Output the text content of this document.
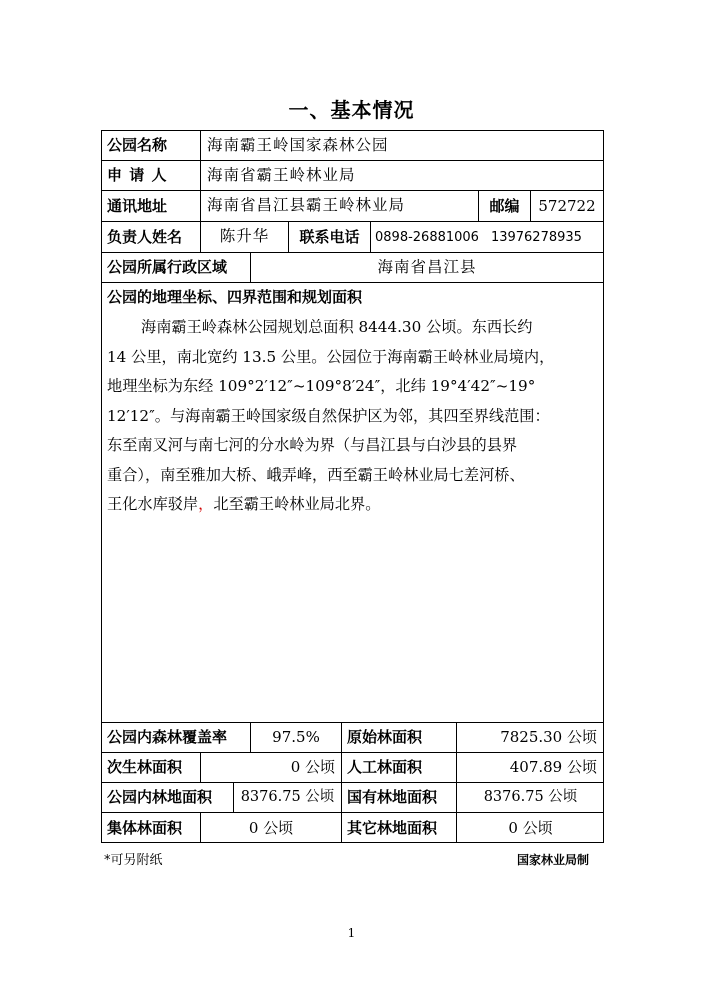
一、基本情况
公园名称	海南霸王岭国家森林公园
申 请 人	海南省霸王岭林业局
通讯地址	海南省昌江县霸王岭林业局	邮编	572722
负责人姓名	陈升华	联系电话	0898-26881006 13976278935
公园所属行政区域	海南省昌江县
公园的地理坐标、四界范围和规划面积

海南霸王岭森林公园规划总面积 8444.30 公顷。东西长约

14 公里，南北宽约 13.5 公里。公园位于海南霸王岭林业局境内，

地理坐标为东经 109°2′12″~109°8′24″，北纬 19°4′42″~19°

12′12″。与海南霸王岭国家级自然保护区为邻，其四至界线范围：

东至南叉河与南七河的分水岭为界（与昌江县与白沙县的县界

重合），南至雅加大桥、峨弄峰，西至霸王岭林业局七差河桥、

王化水库驳岸，北至霸王岭林业局北界。

公园内森林覆盖率	97.5%	原始林面积	7825.30 公顷
次生林面积	0 公顷 人工林面积	407.89 公顷
公园内林地面积	8376.75 公顷 国有林地面积	8376.75 公顷
集体林面积	0 公顷	其它林地面积	0 公顷
*可另附纸	国家林业局制
1
